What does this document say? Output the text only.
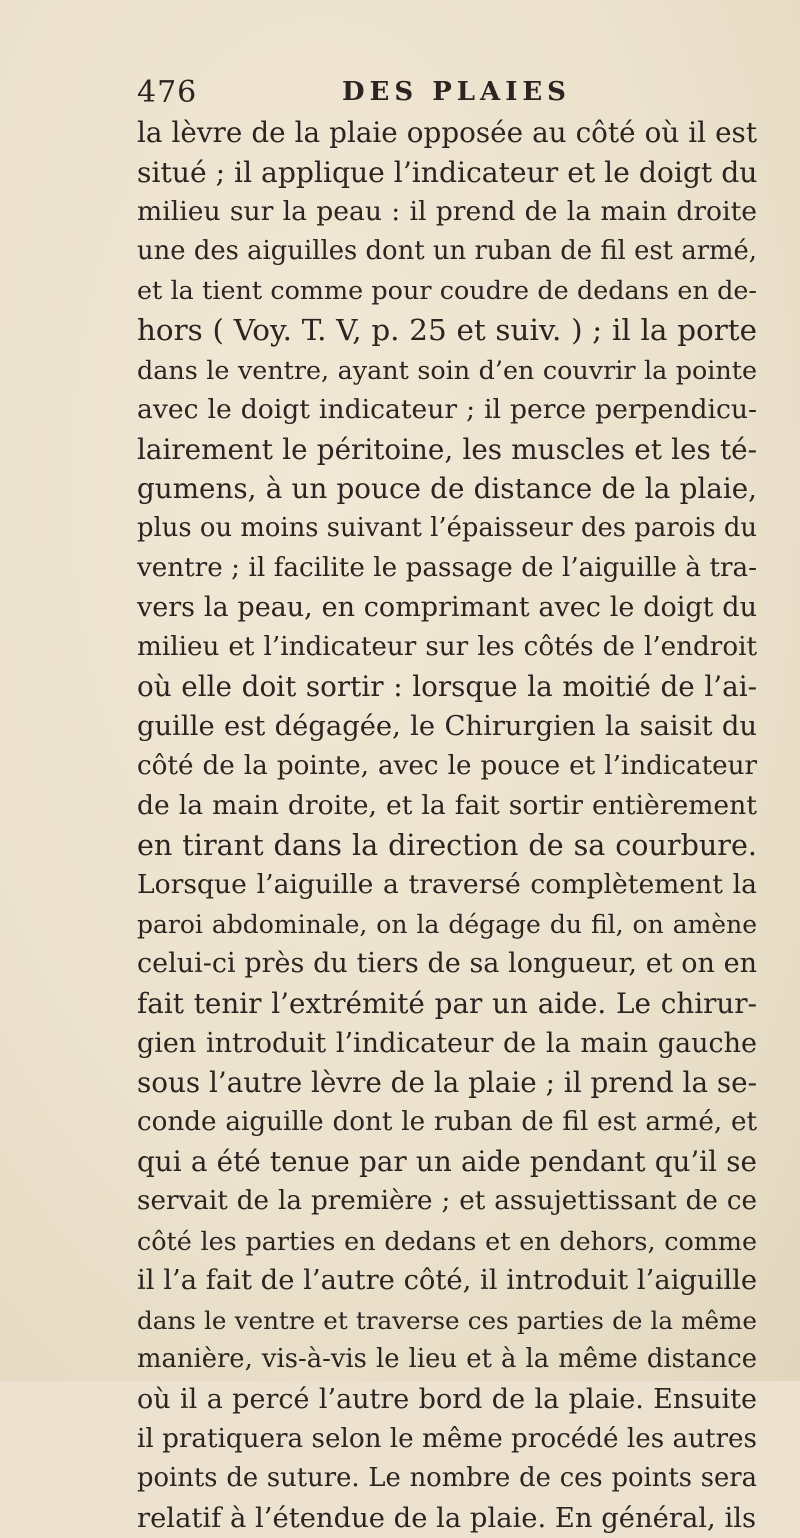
476	DES PLAIES
la lèvre de la plaie opposée au côté où il est
situé ; il applique l’indicateur et le doigt du
milieu sur la peau : il prend de la main droite
une des aiguilles dont un ruban de fil est armé,
et la tient comme pour coudre de dedans en de-
hors ( Voy. T. V, p. 25 et suiv. ) ; il la porte
dans le ventre, ayant soin d’en couvrir la pointe
avec le doigt indicateur ; il perce perpendicu-
lairement le péritoine, les muscles et les té-
gumens, à un pouce de distance de la plaie,
plus ou moins suivant l’épaisseur des parois du
ventre ; il facilite le passage de l’aiguille à tra-
vers la peau, en comprimant avec le doigt du
milieu et l’indicateur sur les côtés de l’endroit
où elle doit sortir : lorsque la moitié de l’ai-
guille est dégagée, le Chirurgien la saisit du
côté de la pointe, avec le pouce et l’indicateur
de la main droite, et la fait sortir entièrement
en tirant dans la direction de sa courbure.
Lorsque l’aiguille a traversé complètement la
paroi abdominale, on la dégage du fil, on amène
celui-ci près du tiers de sa longueur, et on en
fait tenir l’extrémité par un aide. Le chirur-
gien introduit l’indicateur de la main gauche
sous l’autre lèvre de la plaie ; il prend la se-
conde aiguille dont le ruban de fil est armé, et
qui a été tenue par un aide pendant qu’il se
servait de la première ; et assujettissant de ce
côté les parties en dedans et en dehors, comme
il l’a fait de l’autre côté, il introduit l’aiguille
dans le ventre et traverse ces parties de la même
manière, vis-à-vis le lieu et à la même distance
où il a percé l’autre bord de la plaie. Ensuite
il pratiquera selon le même procédé les autres
points de suture. Le nombre de ces points sera
relatif à l’étendue de la plaie. En général, ils
